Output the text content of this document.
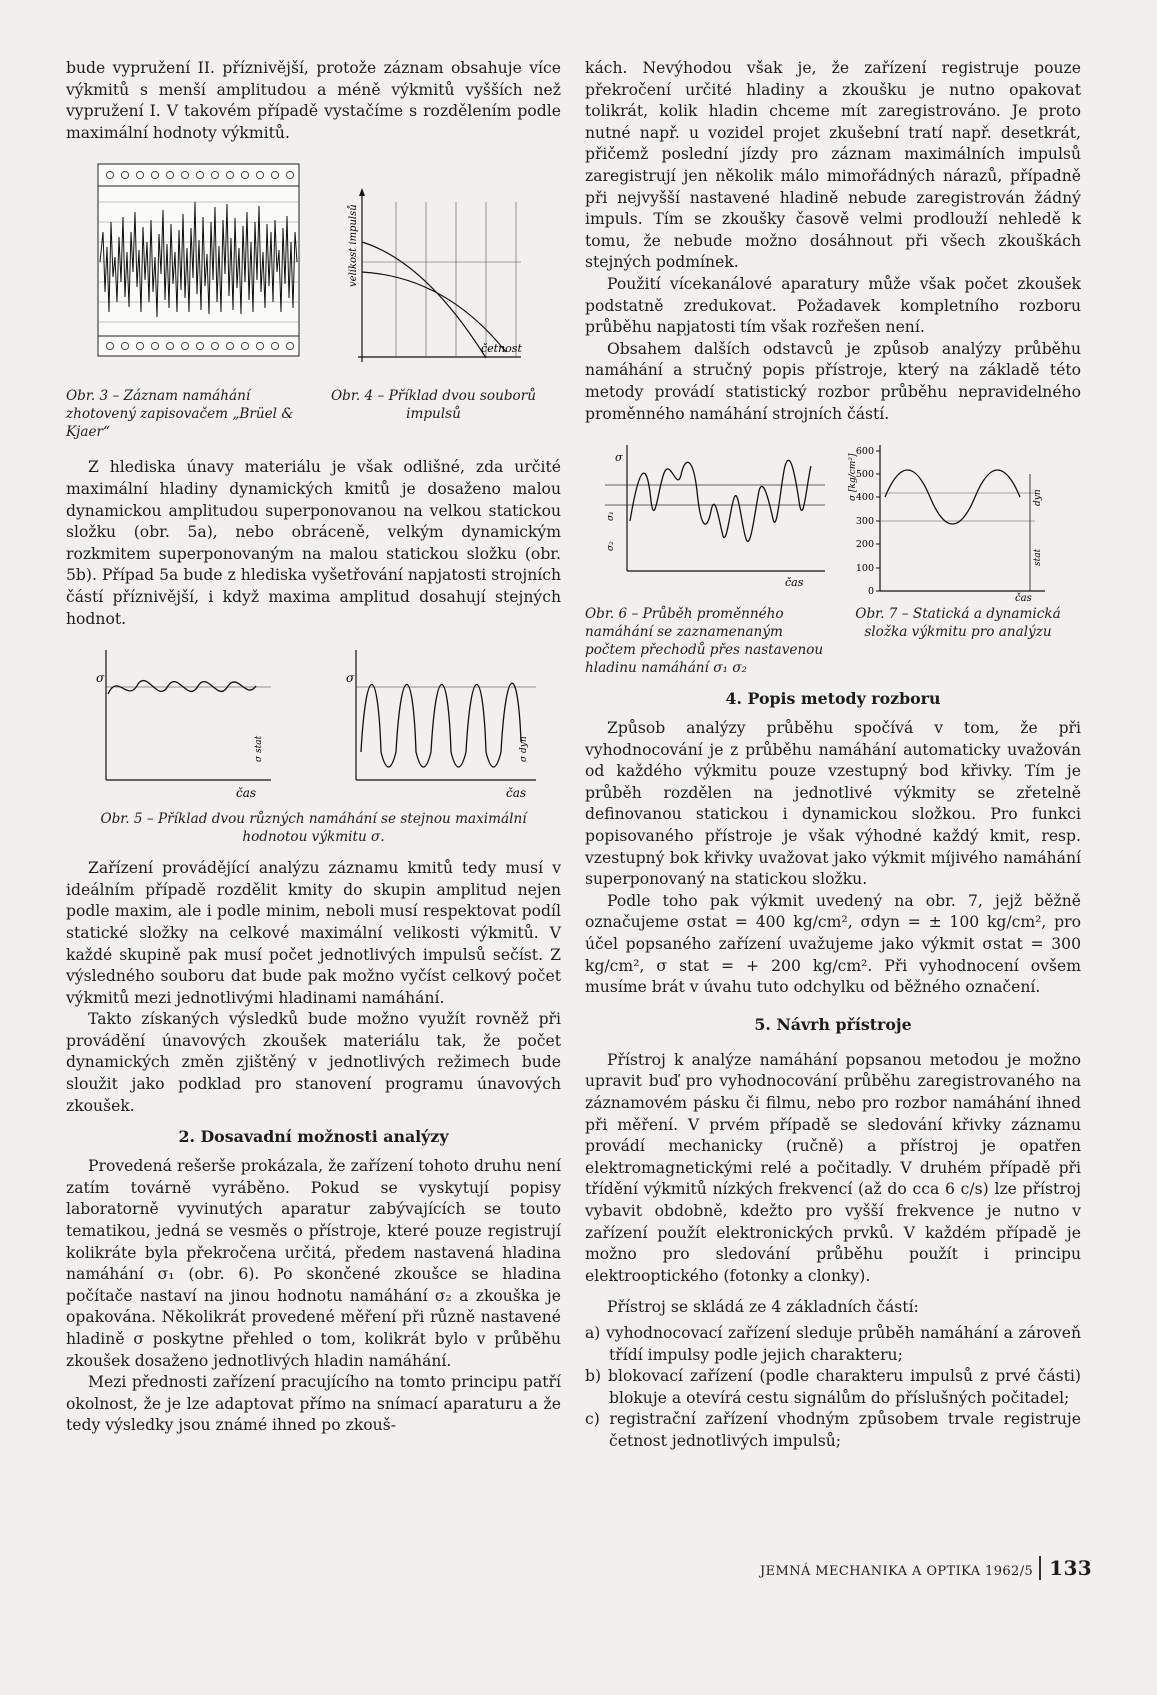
bude vypružení II. příznivější, protože záznam obsahuje více výkmitů s menší amplitudou a méně výkmitů vyšších než vypružení I. V takovém případě vystačíme s rozdělením podle maximální hodnoty výkmitů.

velikost impulsů
četnost

Obr. 3 – Záznam namáhání zhotovený zapisovačem „Brüel & Kjaer“

Obr. 4 – Příklad dvou souborů impulsů

Z hlediska únavy materiálu je však odlišné, zda určité maximální hladiny dynamických kmitů je dosaženo malou dynamickou amplitudou superponovanou na velkou statickou složku (obr. 5a), nebo obráceně, velkým dynamickým rozkmitem superponovaným na malou statickou složku (obr. 5b). Případ 5a bude z hlediska vyšetřování napjatosti strojních částí příznivější, i když maxima amplitud dosahují stejných hodnot.

σ
čas
σ stat
σ
čas
σ dyn

Obr. 5 – Příklad dvou různých namáhání se stejnou maximální hodnotou výkmitu σ.

Zařízení provádějící analýzu záznamu kmitů tedy musí v ideálním případě rozdělit kmity do skupin amplitud nejen podle maxim, ale i podle minim, neboli musí respektovat podíl statické složky na celkové maximální velikosti výkmitů. V každé skupině pak musí počet jednotlivých impulsů sečíst. Z výsledného souboru dat bude pak možno vyčíst celkový počet výkmitů mezi jednotlivými hladinami namáhání.

Takto získaných výsledků bude možno využít rovněž při provádění únavových zkoušek materiálu tak, že počet dynamických změn zjištěný v jednotlivých režimech bude sloužit jako podklad pro stanovení programu únavových zkoušek.

2. Dosavadní možnosti analýzy

Provedená rešerše prokázala, že zařízení tohoto druhu není zatím továrně vyráběno. Pokud se vyskytují popisy laboratorně vyvinutých aparatur zabývajících se touto tematikou, jedná se vesměs o přístroje, které pouze registrují kolikráte byla překročena určitá, předem nastavená hladina namáhání σ₁ (obr. 6). Po skončené zkoušce se hladina počítače nastaví na jinou hodnotu namáhání σ₂ a zkouška je opakována. Několikrát provedené měření při různě nastavené hladině σ poskytne přehled o tom, kolikrát bylo v průběhu zkoušek dosaženo jednotlivých hladin namáhání.

Mezi přednosti zařízení pracujícího na tomto principu patří okolnost, že je lze adaptovat přímo na snímací aparaturu a že tedy výsledky jsou známé ihned po zkouš-

kách. Nevýhodou však je, že zařízení registruje pouze překročení určité hladiny a zkoušku je nutno opakovat tolikrát, kolik hladin chceme mít zaregistrováno. Je proto nutné např. u vozidel projet zkušební tratí např. desetkrát, přičemž poslední jízdy pro záznam maximálních impulsů zaregistrují jen několik málo mimořádných nárazů, případně při nejvyšší nastavené hladině nebude zaregistrován žádný impuls. Tím se zkoušky časově velmi prodlouží nehledě k tomu, že nebude možno dosáhnout při všech zkouškách stejných podmínek.

Použití vícekanálové aparatury může však počet zkoušek podstatně zredukovat. Požadavek kompletního rozboru průběhu napjatosti tím však rozřešen není.

Obsahem dalších odstavců je způsob analýzy průběhu namáhání a stručný popis přístroje, který na základě této metody provádí statistický rozbor průběhu nepravidelného proměnného namáhání strojních částí.

σ
σ₁
σ₂
čas
600
500
400
300
200
100
0
σ [kg/cm²]	dyn
stat
čas

Obr. 6 – Průběh proměnného namáhání se zaznamenaným počtem přechodů přes nastavenou hladinu namáhání σ₁ σ₂

Obr. 7 – Statická a dynamická složka výkmitu pro analýzu

4. Popis metody rozboru

Způsob analýzy průběhu spočívá v tom, že při vyhodnocování je z průběhu namáhání automaticky uvažován od každého výkmitu pouze vzestupný bod křivky. Tím je průběh rozdělen na jednotlivé výkmity se zřetelně definovanou statickou i dynamickou složkou. Pro funkci popisovaného přístroje je však výhodné každý kmit, resp. vzestupný bok křivky uvažovat jako výkmit míjivého namáhání superponovaný na statickou složku.

Podle toho pak výkmit uvedený na obr. 7, jejž běžně označujeme σstat = 400 kg/cm², σdyn = ± 100 kg/cm², pro účel popsaného zařízení uvažujeme jako výkmit σstat = 300 kg/cm², σ stat = + 200 kg/cm². Při vyhodnocení ovšem musíme brát v úvahu tuto odchylku od běžného označení.

5. Návrh přístroje

Přístroj k analýze namáhání popsanou metodou je možno upravit buď pro vyhodnocování průběhu zaregistrovaného na záznamovém pásku či filmu, nebo pro rozbor namáhání ihned při měření. V prvém případě se sledování křivky záznamu provádí mechanicky (ručně) a přístroj je opatřen elektromagnetickými relé a počitadly. V druhém případě při třídění výkmitů nízkých frekvencí (až do cca 6 c/s) lze přístroj vybavit obdobně, kdežto pro vyšší frekvence je nutno v zařízení použít elektronických prvků. V každém případě je možno pro sledování průběhu použít i principu elektrooptického (fotonky a clonky).

Přístroj se skládá ze 4 základních částí:

a) vyhodnocovací zařízení sleduje průběh namáhání a zároveň třídí impulsy podle jejich charakteru;

b) blokovací zařízení (podle charakteru impulsů z prvé části) blokuje a otevírá cestu signálům do příslušných počitadel;

c) registrační zařízení vhodným způsobem trvale registruje četnost jednotlivých impulsů;

JEMNÁ MECHANIKA A OPTIKA 1962/5 133
